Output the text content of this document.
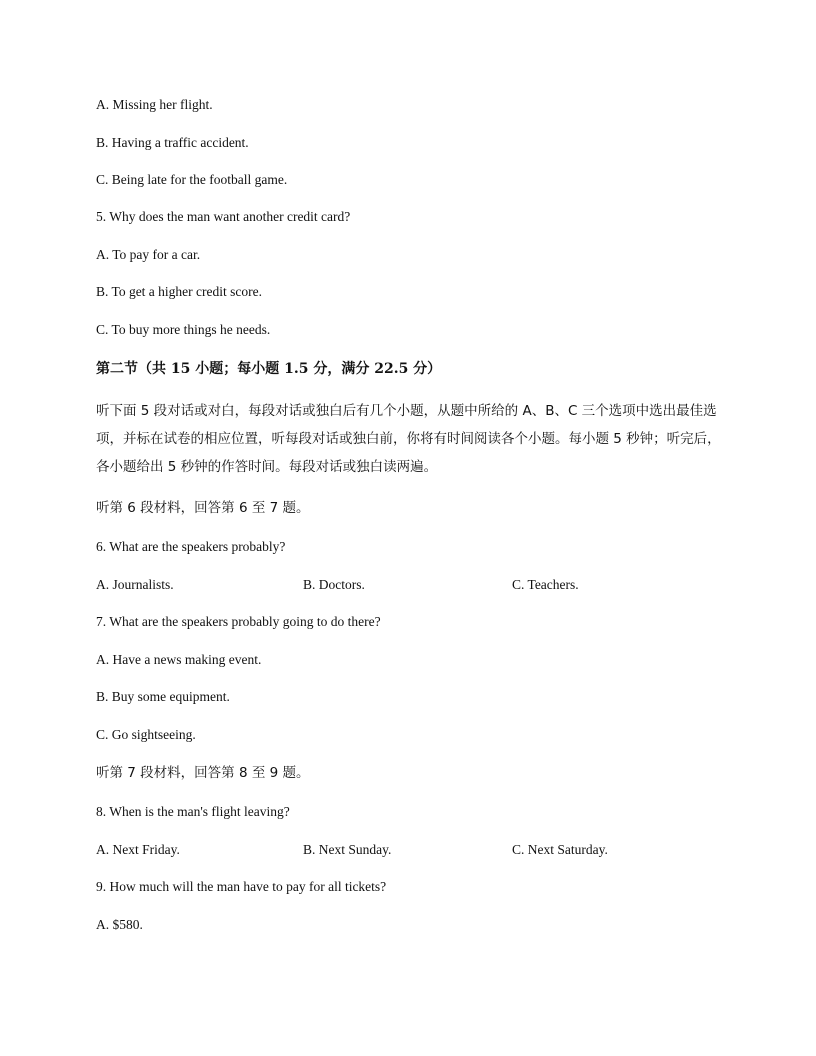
A. Missing her flight.

B. Having a traffic accident.

C. Being late for the football game.

5. Why does the man want another credit card?

A. To pay for a car.

B. To get a higher credit score.

C. To buy more things he needs.

第二节（共 15 小题；每小题 1.5 分，满分 22.5 分）

听下面 5 段对话或对白，每段对话或独白后有几个小题，从题中所给的 A、B、C 三个选项中选出最佳选项，并标在试卷的相应位置，听每段对话或独白前，你将有时间阅读各个小题。每小题 5 秒钟；听完后，各小题给出 5 秒钟的作答时间。每段对话或独白读两遍。

听第 6 段材料，回答第 6 至 7 题。

6. What are the speakers probably?

A. Journalists.	B. Doctors.	C. Teachers.

7. What are the speakers probably going to do there?

A. Have a news making event.

B. Buy some equipment.

C. Go sightseeing.

听第 7 段材料，回答第 8 至 9 题。

8. When is the man's flight leaving?

A. Next Friday.	B. Next Sunday.	C. Next Saturday.

9. How much will the man have to pay for all tickets?

A. $580.
